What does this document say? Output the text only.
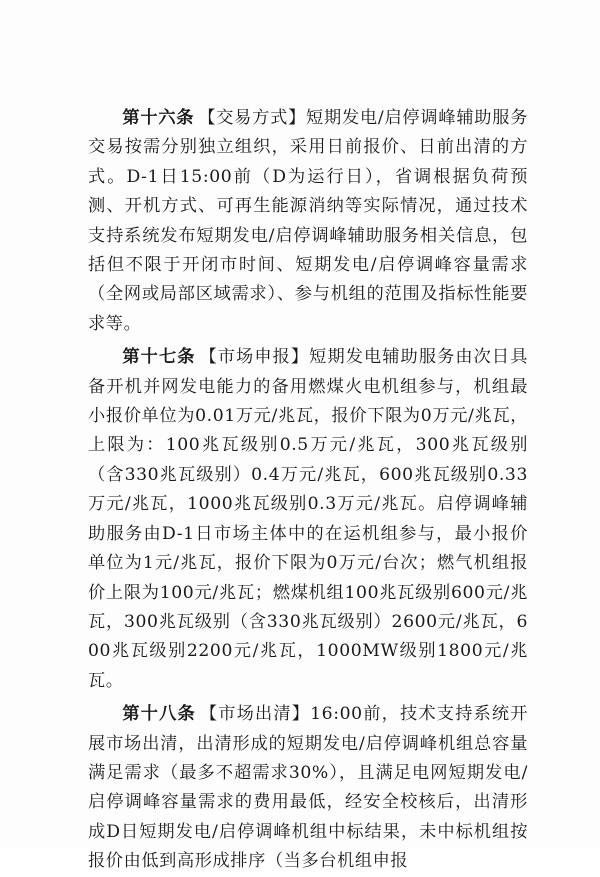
第十六条 【交易方式】短期发电/启停调峰辅助服务交易按需分别独立组织，采用日前报价、日前出清的方式。D-1日15:00前（D为运行日），省调根据负荷预测、开机方式、可再生能源消纳等实际情况，通过技术支持系统发布短期发电/启停调峰辅助服务相关信息，包括但不限于开闭市时间、短期发电/启停调峰容量需求（全网或局部区域需求）、参与机组的范围及指标性能要求等。

第十七条 【市场申报】短期发电辅助服务由次日具备开机并网发电能力的备用燃煤火电机组参与，机组最小报价单位为0.01万元/兆瓦，报价下限为0万元/兆瓦，上限为：100兆瓦级别0.5万元/兆瓦，300兆瓦级别（含330兆瓦级别）0.4万元/兆瓦，600兆瓦级别0.33万元/兆瓦，1000兆瓦级别0.3万元/兆瓦。启停调峰辅助服务由D-1日市场主体中的在运机组参与，最小报价单位为1元/兆瓦，报价下限为0万元/台次；燃气机组报价上限为100元/兆瓦；燃煤机组100兆瓦级别600元/兆瓦，300兆瓦级别（含330兆瓦级别）2600元/兆瓦，600兆瓦级别2200元/兆瓦，1000MW级别1800元/兆瓦。

第十八条 【市场出清】16:00前，技术支持系统开展市场出清，出清形成的短期发电/启停调峰机组总容量满足需求（最多不超需求30%），且满足电网短期发电/启停调峰容量需求的费用最低，经安全校核后，出清形成D日短期发电/启停调峰机组中标结果，未中标机组按报价由低到高形成排序（当多台机组申报
